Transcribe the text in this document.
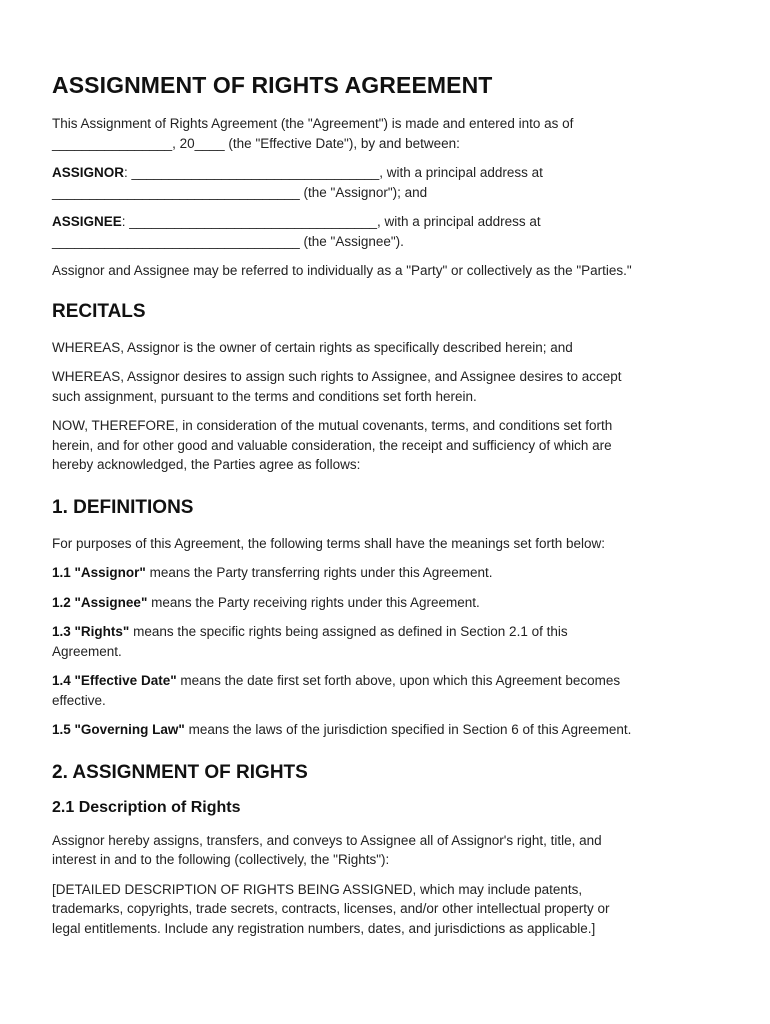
ASSIGNMENT OF RIGHTS AGREEMENT

This Assignment of Rights Agreement (the "Agreement") is made and entered into as of
________________, 20____ (the "Effective Date"), by and between:

ASSIGNOR: _________________________________, with a principal address at
_________________________________ (the "Assignor"); and

ASSIGNEE: _________________________________, with a principal address at
_________________________________ (the "Assignee").

Assignor and Assignee may be referred to individually as a "Party" or collectively as the "Parties."

RECITALS

WHEREAS, Assignor is the owner of certain rights as specifically described herein; and

WHEREAS, Assignor desires to assign such rights to Assignee, and Assignee desires to accept
such assignment, pursuant to the terms and conditions set forth herein.

NOW, THEREFORE, in consideration of the mutual covenants, terms, and conditions set forth
herein, and for other good and valuable consideration, the receipt and sufficiency of which are
hereby acknowledged, the Parties agree as follows:

1. DEFINITIONS

For purposes of this Agreement, the following terms shall have the meanings set forth below:

1.1 "Assignor" means the Party transferring rights under this Agreement.

1.2 "Assignee" means the Party receiving rights under this Agreement.

1.3 "Rights" means the specific rights being assigned as defined in Section 2.1 of this
Agreement.

1.4 "Effective Date" means the date first set forth above, upon which this Agreement becomes
effective.

1.5 "Governing Law" means the laws of the jurisdiction specified in Section 6 of this Agreement.

2. ASSIGNMENT OF RIGHTS
2.1 Description of Rights

Assignor hereby assigns, transfers, and conveys to Assignee all of Assignor's right, title, and
interest in and to the following (collectively, the "Rights"):

[DETAILED DESCRIPTION OF RIGHTS BEING ASSIGNED, which may include patents,
trademarks, copyrights, trade secrets, contracts, licenses, and/or other intellectual property or
legal entitlements. Include any registration numbers, dates, and jurisdictions as applicable.]
